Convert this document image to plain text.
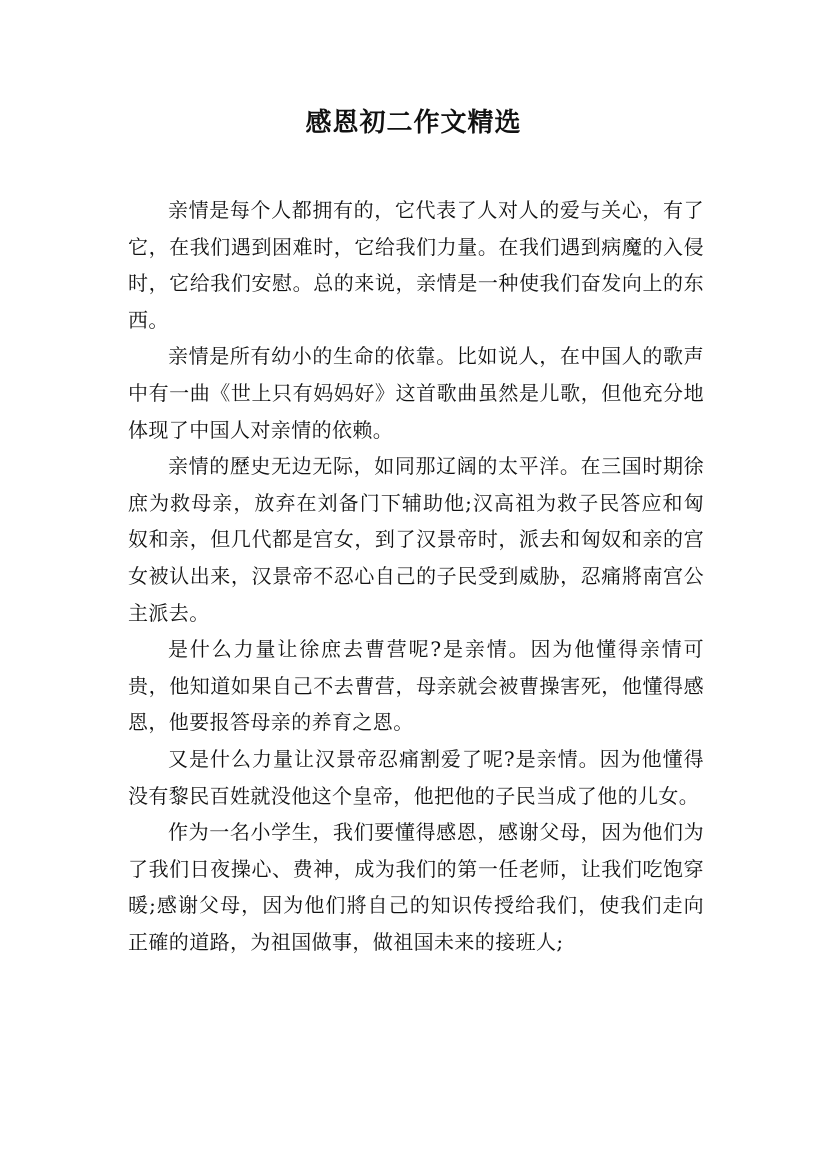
感恩初二作文精选

亲情是每个人都拥有的，它代表了人对人的爱与关心，有了它，在我们遇到困难时，它给我们力量。在我们遇到病魔的入侵时，它给我们安慰。总的来说，亲情是一种使我们奋发向上的东西。

亲情是所有幼小的生命的依靠。比如说人，在中国人的歌声中有一曲《世上只有妈妈好》这首歌曲虽然是儿歌，但他充分地体现了中国人对亲情的依赖。

亲情的歷史无边无际，如同那辽阔的太平洋。在三国时期徐庶为救母亲，放弃在刘备门下辅助他;汉高祖为救子民答应和匈奴和亲，但几代都是宫女，到了汉景帝时，派去和匈奴和亲的宫女被认出来，汉景帝不忍心自己的子民受到威胁，忍痛將南宫公主派去。

是什么力量让徐庶去曹营呢?是亲情。因为他懂得亲情可贵，他知道如果自己不去曹营，母亲就会被曹操害死，他懂得感恩，他要报答母亲的养育之恩。

又是什么力量让汉景帝忍痛割爱了呢?是亲情。因为他懂得没有黎民百姓就没他这个皇帝，他把他的子民当成了他的儿女。

作为一名小学生，我们要懂得感恩，感谢父母，因为他们为了我们日夜操心、费神，成为我们的第一任老师，让我们吃饱穿暖;感谢父母，因为他们將自己的知识传授给我们，使我们走向正確的道路，为祖国做事，做祖国未来的接班人;
